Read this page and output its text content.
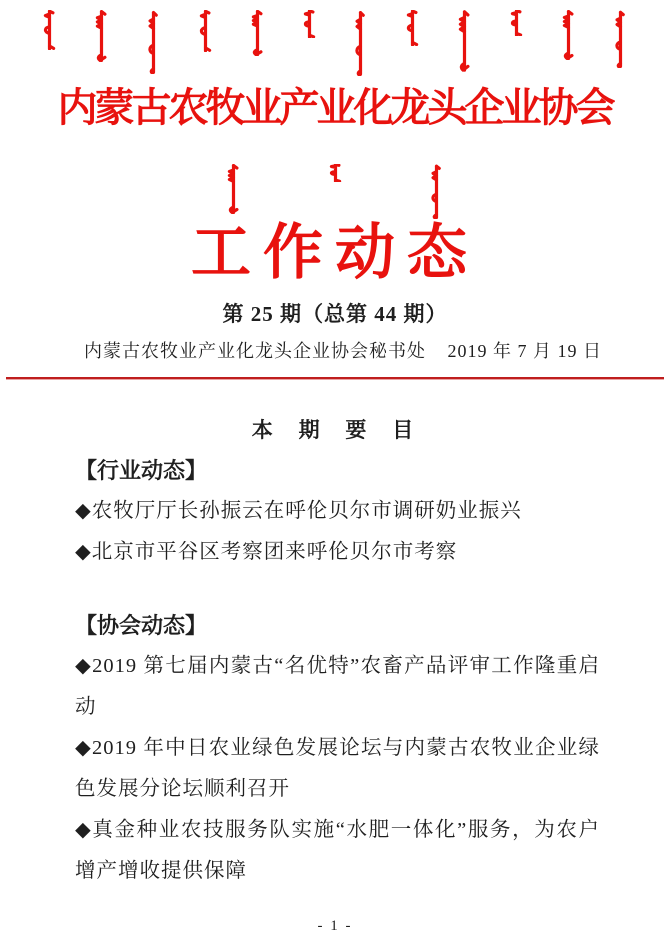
内蒙古农牧业产业化龙头企业协会
工作动态
第 25 期（总第 44 期）
内蒙古农牧业产业化龙头企业协会秘书处 2019 年 7 月 19 日
本 期 要 目
【行业动态】

◆农牧厅厅长孙振云在呼伦贝尔市调研奶业振兴

◆北京市平谷区考察团来呼伦贝尔市考察

【协会动态】

◆2019 第七届内蒙古“名优特”农畜产品评审工作隆重启动

◆2019 年中日农业绿色发展论坛与内蒙古农牧业企业绿色发展分论坛顺利召开

◆真金种业农技服务队实施“水肥一体化”服务，为农户增产增收提供保障

- 1 -
